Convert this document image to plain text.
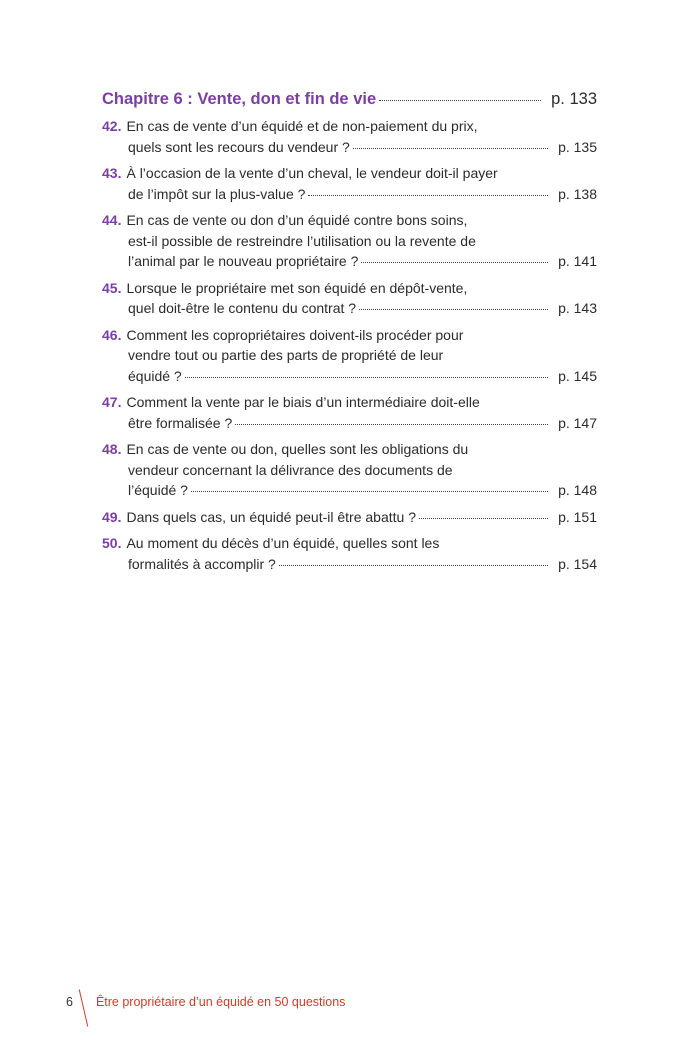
Chapitre 6 : Vente, don et fin de vie	p. 133
42. En cas de vente d’un équidé et de non-paiement du prix,
quels sont les recours du vendeur ?	p. 135
43. À l’occasion de la vente d’un cheval, le vendeur doit-il payer
de l’impôt sur la plus-value ?	p. 138
44. En cas de vente ou don d’un équidé contre bons soins,
est-il possible de restreindre l’utilisation ou la revente de
l’animal par le nouveau propriétaire ?	p. 141
45. Lorsque le propriétaire met son équidé en dépôt-vente,
quel doit-être le contenu du contrat ?	p. 143
46. Comment les copropriétaires doivent-ils procéder pour
vendre tout ou partie des parts de propriété de leur
équidé ?	p. 145
47. Comment la vente par le biais d’un intermédiaire doit-elle
être formalisée ?	p. 147
48. En cas de vente ou don, quelles sont les obligations du
vendeur concernant la délivrance des documents de
l’équidé ?	p. 148
49. Dans quels cas, un équidé peut-il être abattu ?	p. 151
50. Au moment du décès d’un équidé, quelles sont les
formalités à accomplir ?	p. 154
6 Être propriétaire d’un équidé en 50 questions
